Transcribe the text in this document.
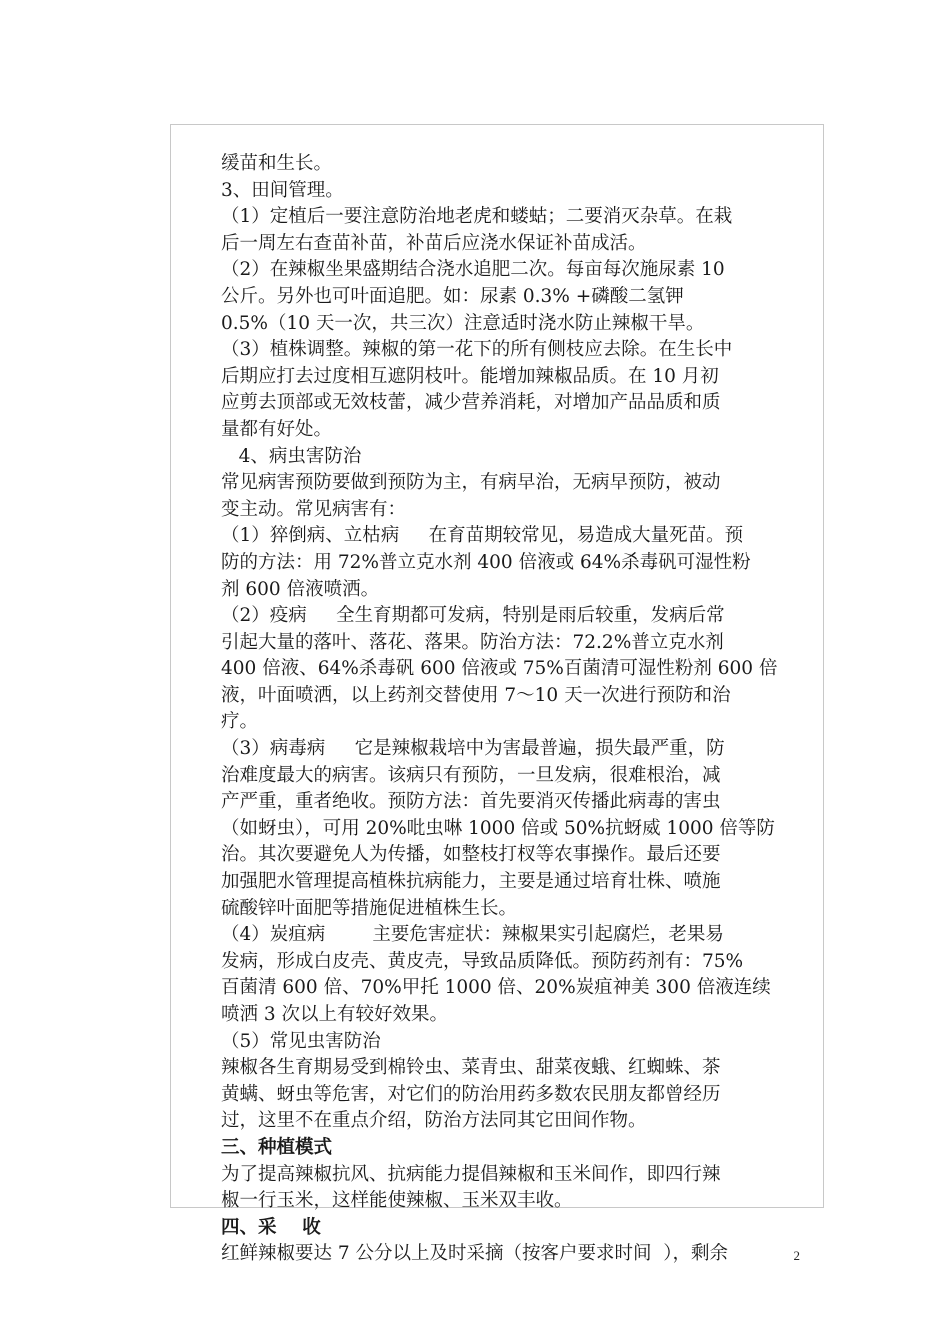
缓苗和生长。
3、田间管理。
（1）定植后一要注意防治地老虎和蝼蛄；二要消灭杂草。在栽
后一周左右查苗补苗，补苗后应浇水保证补苗成活。
（2）在辣椒坐果盛期结合浇水追肥二次。每亩每次施尿素 10
公斤。另外也可叶面追肥。如：尿素 0.3% +磷酸二氢钾
0.5%（10 天一次，共三次）注意适时浇水防止辣椒干旱。
（3）植株调整。辣椒的第一花下的所有侧枝应去除。在生长中
后期应打去过度相互遮阴枝叶。能增加辣椒品质。在 10 月初
应剪去顶部或无效枝蕾，减少营养消耗，对增加产品品质和质
量都有好处。
4、病虫害防治
常见病害预防要做到预防为主，有病早治，无病早预防，被动
变主动。常见病害有：
（1）猝倒病、立枯病     在育苗期较常见，易造成大量死苗。预
防的方法：用 72%普立克水剂 400 倍液或 64%杀毒矾可湿性粉
剂 600 倍液喷洒。
（2）疫病     全生育期都可发病，特别是雨后较重，发病后常
引起大量的落叶、落花、落果。防治方法：72.2%普立克水剂
400 倍液、64%杀毒矾 600 倍液或 75%百菌清可湿性粉剂 600 倍
液，叶面喷洒，以上药剂交替使用 7～10 天一次进行预防和治
疗。
（3）病毒病     它是辣椒栽培中为害最普遍，损失最严重，防
治难度最大的病害。该病只有预防，一旦发病，很难根治，减
产严重，重者绝收。预防方法：首先要消灭传播此病毒的害虫
（如蚜虫），可用 20%吡虫啉 1000 倍或 50%抗蚜威 1000 倍等防
治。其次要避免人为传播，如整枝打杈等农事操作。最后还要
加强肥水管理提高植株抗病能力，主要是通过培育壮株、喷施
硫酸锌叶面肥等措施促进植株生长。
（4）炭疽病        主要危害症状：辣椒果实引起腐烂，老果易
发病，形成白皮壳、黄皮壳，导致品质降低。预防药剂有：75%
百菌清 600 倍、70%甲托 1000 倍、20%炭疽神美 300 倍液连续
喷洒 3 次以上有较好效果。
（5）常见虫害防治
辣椒各生育期易受到棉铃虫、菜青虫、甜菜夜蛾、红蜘蛛、茶
黄螨、蚜虫等危害，对它们的防治用药多数农民朋友都曾经历
过，这里不在重点介绍，防治方法同其它田间作物。
三、种植模式
为了提高辣椒抗风、抗病能力提倡辣椒和玉米间作，即四行辣
椒一行玉米，这样能使辣椒、玉米双丰收。
四、采    收
红鲜辣椒要达 7 公分以上及时采摘（按客户要求时间  ），剩余	2
